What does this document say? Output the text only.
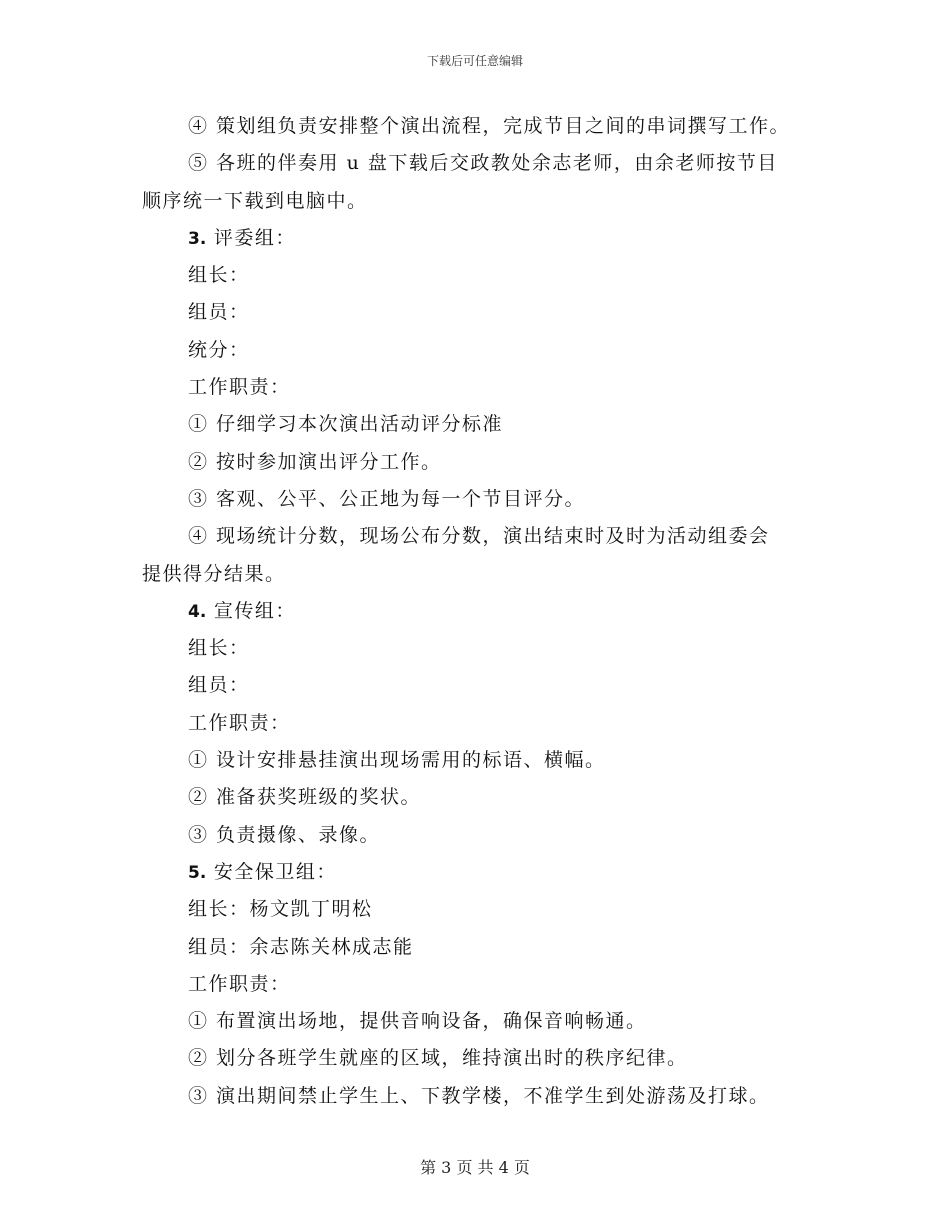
下载后可任意编辑
④ 策划组负责安排整个演出流程，完成节目之间的串词撰写工作。
⑤ 各班的伴奏用 u 盘下载后交政教处余志老师，由余老师按节目
顺序统一下载到电脑中。
3. 评委组：
组长：
组员：
统分：
工作职责：
① 仔细学习本次演出活动评分标准
② 按时参加演出评分工作。
③ 客观、公平、公正地为每一个节目评分。
④ 现场统计分数，现场公布分数，演出结束时及时为活动组委会
提供得分结果。
4. 宣传组：
组长：
组员：
工作职责：
① 设计安排悬挂演出现场需用的标语、横幅。
② 准备获奖班级的奖状。
③ 负责摄像、录像。
5. 安全保卫组：
组长：杨文凯丁明松
组员：余志陈关林成志能
工作职责：
① 布置演出场地，提供音响设备，确保音响畅通。
② 划分各班学生就座的区域，维持演出时的秩序纪律。
③ 演出期间禁止学生上、下教学楼，不准学生到处游荡及打球。
第 3 页 共 4 页
